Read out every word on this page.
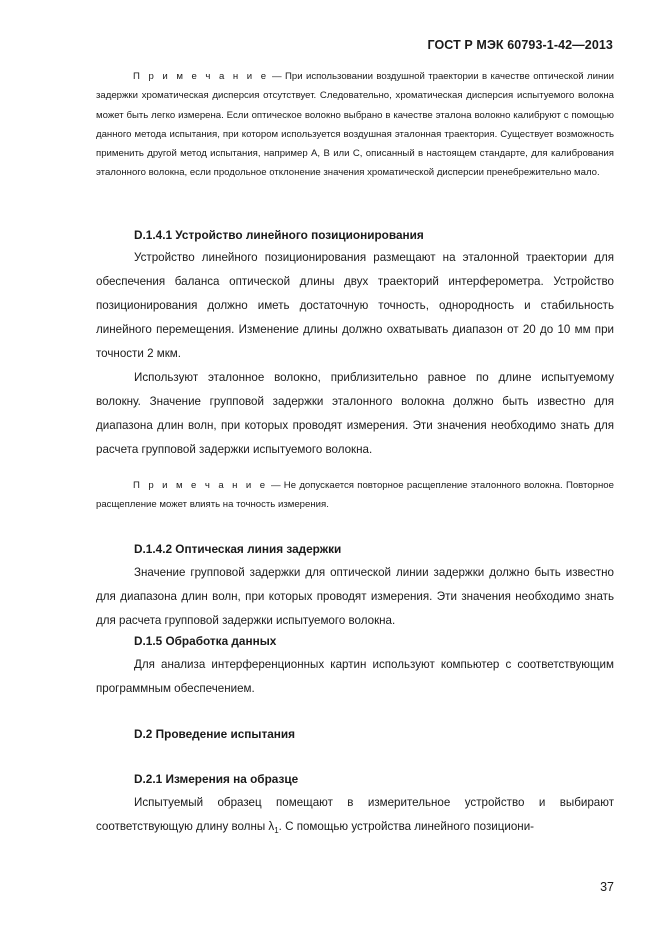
ГОСТ Р МЭК 60793-1-42—2013
П р и м е ч а н и е — При использовании воздушной траектории в качестве оптической линии задержки хроматическая дисперсия отсутствует. Следовательно, хроматическая дисперсия испытуемого волокна может быть легко измерена. Если оптическое волокно выбрано в качестве эталона волокно калибруют с помощью данного метода испытания, при котором используется воздушная эталонная траектория. Существует возможность применить другой метод испытания, например А, В или С, описанный в настоящем стандарте, для калибрования эталонного волокна, если продольное отклонение значения хроматической дисперсии пренебрежительно мало.
D.1.4.1 Устройство линейного позиционирования

Устройство линейного позиционирования размещают на эталонной траектории для обеспечения баланса оптической длины двух траекторий интерферометра. Устройство позиционирования должно иметь достаточную точность, однородность и стабильность линейного перемещения. Изменение длины должно охватывать диапазон от 20 до 10 мм при точности 2 мкм.

Используют эталонное волокно, приблизительно равное по длине испытуемому волокну. Значение групповой задержки эталонного волокна должно быть известно для диапазона длин волн, при которых проводят измерения. Эти значения необходимо знать для расчета групповой задержки испытуемого волокна.

П р и м е ч а н и е — Не допускается повторное расщепление эталонного волокна. Повторное расщепление может влиять на точность измерения.
D.1.4.2 Оптическая линия задержки

Значение групповой задержки для оптической линии задержки должно быть известно для диапазона длин волн, при которых проводят измерения. Эти значения необходимо знать для расчета групповой задержки испытуемого волокна.

D.1.5 Обработка данных

Для анализа интерференционных картин используют компьютер с соответствующим программным обеспечением.

D.2 Проведение испытания
D.2.1 Измерения на образце

Испытуемый образец помещают в измерительное устройство и выбирают соответствующую длину волны $\lambda_1$. С помощью устройства линейного позициони-

37
